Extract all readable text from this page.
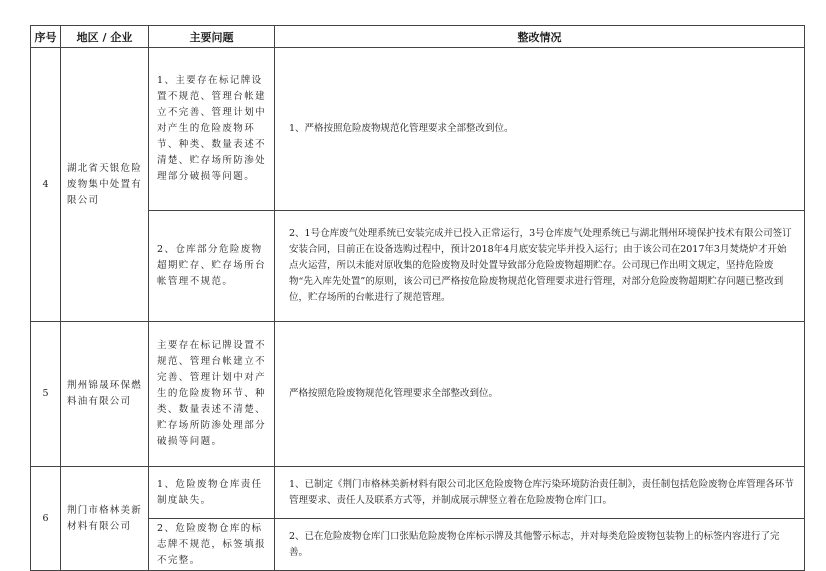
序号	地区 / 企业	主要问题	整改情况
4	湖北省天银危险废物集中处置有限公司	1、主要存在标记牌设置不规范、管理台帐建立不完善、管理计划中对产生的危险废物环节、种类、数量表述不清楚、贮存场所防渗处理部分破损等问题。	1、严格按照危险废物规范化管理要求全部整改到位。

		2、仓库部分危险废物超期贮存、贮存场所台帐管理不规范。	2、1号仓库废气处理系统已安装完成并已投入正常运行，3号仓库废气处理系统已与湖北荆州环境保护技术有限公司签订安装合同，目前正在设备选购过程中，预计2018年4月底安装完毕并投入运行；由于该公司在2017年3月焚烧炉才开始点火运营，所以未能对原收集的危险废物及时处置导致部分危险废物超期贮存。公司现已作出明文规定，坚持危险废物“先入库先处置”的原则，该公司已严格按危险废物规范化管理要求进行管理，对部分危险废物超期贮存问题已整改到位，贮存场所的台帐进行了规范管理。

5	荆州锦晟环保燃料油有限公司	主要存在标记牌设置不规范、管理台帐建立不完善、管理计划中对产生的危险废物环节、种类、数量表述不清楚、贮存场所防渗处理部分破损等问题。	严格按照危险废物规范化管理要求全部整改到位。

6	荆门市格林美新材料有限公司	1、危险废物仓库责任制度缺失。	1、已制定《荆门市格林美新材料有限公司北区危险废物仓库污染环境防治责任制》，责任制包括危险废物仓库管理各环节管理要求、责任人及联系方式等，并制成展示牌竖立着在危险废物仓库门口。

		2、危险废物仓库的标志牌不规范，标签填报不完整。	2、已在危险废物仓库门口张贴危险废物仓库标示牌及其他警示标志，并对每类危险废物包装物上的标签内容进行了完善。
